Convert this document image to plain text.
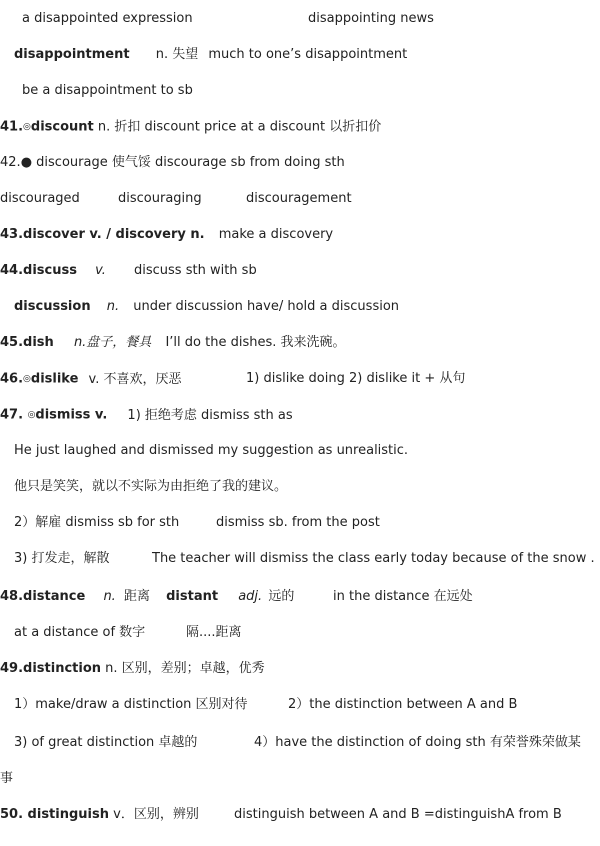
a disappointed expression	disappointing news
disappointment n. 失望 much to one’s disappointment
be a disappointment to sb
41.◎discount n. 折扣 discount price at a discount 以折扣价
42.● discourage 使气馁 discourage sb from doing sth
discouraged	discouraging	discouragement
43.discover v. / discovery n. make a discovery
44.discuss v. discuss sth with sb
discussion n. under discussion have/ hold a discussion
45.dish n.盘子，餐具 I’ll do the dishes. 我来洗碗。
46.◎dislike v. 不喜欢，厌恶	1) dislike doing 2) dislike it + 从句
47. ◎dismiss v. 1) 拒绝考虑 dismiss sth as
He just laughed and dismissed my suggestion as unrealistic.
他只是笑笑，就以不实际为由拒绝了我的建议。
2）解雇 dismiss sb for sth	dismiss sb. from the post
3) 打发走，解散	The teacher will dismiss the class early today because of the snow .
48.distance n. 距离 distant adj. 远的	in the distance 在远处
at a distance of 数字	隔....距离
49.distinction n. 区别，差别；卓越，优秀
1）make/draw a distinction 区别对待	2）the distinction between A and B
3) of great distinction 卓越的	4）have the distinction of doing sth 有荣誉殊荣做某
事
50. distinguish v．区别，辨别	distinguish between A and B =distinguishA from B
